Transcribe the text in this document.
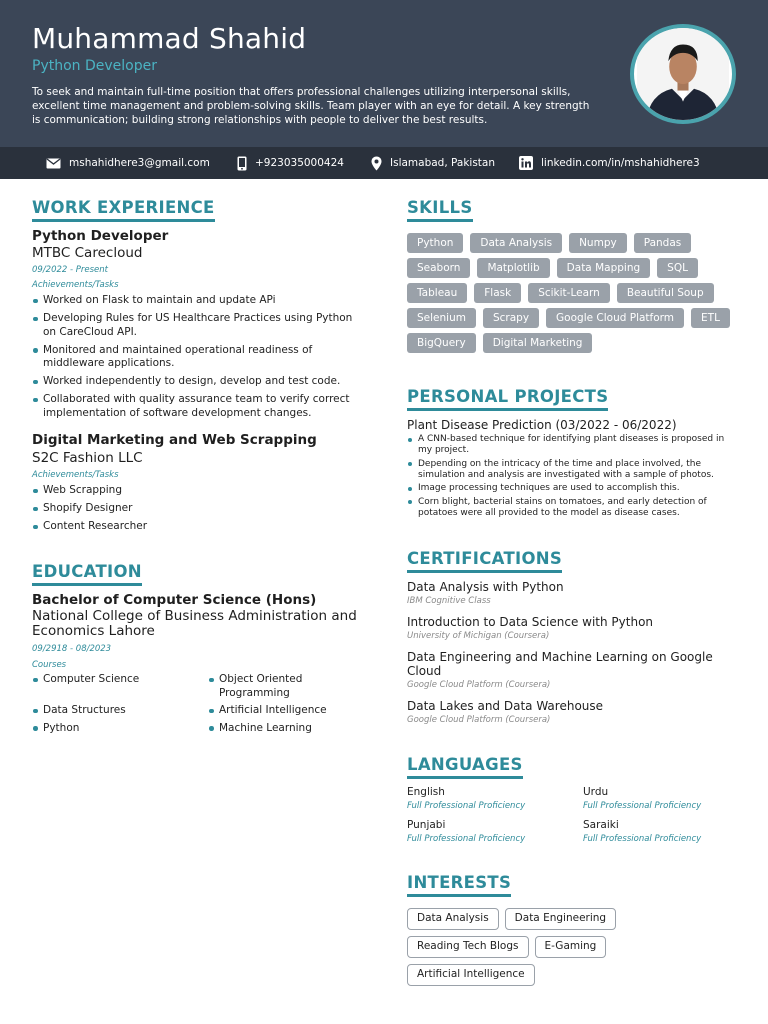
Muhammad Shahid
Python Developer
To seek and maintain full-time position that offers professional challenges utilizing interpersonal skills, excellent time management and problem-solving skills. Team player with an eye for detail. A key strength is communication; building strong relationships with people to deliver the best results.
mshahidhere3@gmail.com	+923035000424	Islamabad, Pakistan	linkedin.com/in/mshahidhere3
WORK EXPERIENCE
Python Developer
MTBC Carecloud
09/2022 - Present
Achievements/Tasks
Worked on Flask to maintain and update APi
Developing Rules for US Healthcare Practices using Python on CareCloud API.
Monitored and maintained operational readiness of middleware applications.
Worked independently to design, develop and test code.
Collaborated with quality assurance team to verify correct implementation of software development changes.
Digital Marketing and Web Scrapping
S2C Fashion LLC
Achievements/Tasks
Web Scrapping
Shopify Designer
Content Researcher
EDUCATION
Bachelor of Computer Science (Hons)
National College of Business Administration and Economics Lahore
09/2918 - 08/2023
Courses
Computer Science	Object Oriented Programming
Data Structures	Artificial Intelligence
Python	Machine Learning
SKILLS
Python	Data Analysis	Numpy	Pandas
Seaborn	Matplotlib	Data Mapping	SQL
Tableau	Flask	Scikit-Learn	Beautiful Soup
Selenium	Scrapy	Google Cloud Platform	ETL
BigQuery	Digital Marketing
PERSONAL PROJECTS
Plant Disease Prediction (03/2022 - 06/2022)
A CNN-based technique for identifying plant diseases is proposed in my project.
Depending on the intricacy of the time and place involved, the simulation and analysis are investigated with a sample of photos.
Image processing techniques are used to accomplish this.
Corn blight, bacterial stains on tomatoes, and early detection of potatoes were all provided to the model as disease cases.
CERTIFICATIONS
Data Analysis with Python
IBM Cognitive Class
Introduction to Data Science with Python
University of Michigan (Coursera)
Data Engineering and Machine Learning on Google Cloud
Google Cloud Platform (Coursera)
Data Lakes and Data Warehouse
Google Cloud Platform (Coursera)
LANGUAGES
English
Full Professional Proficiency
Urdu
Full Professional Proficiency
Punjabi
Full Professional Proficiency
Saraiki
Full Professional Proficiency
INTERESTS
Data Analysis	Data Engineering
Reading Tech Blogs	E-Gaming
Artificial Intelligence
